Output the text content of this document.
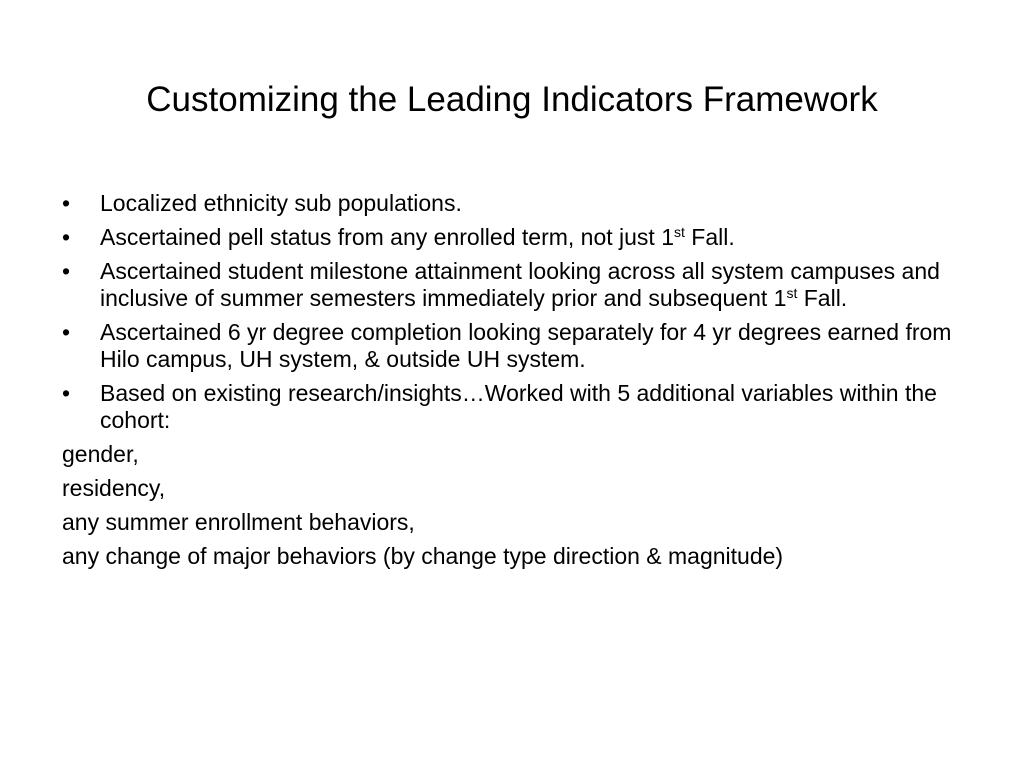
Customizing the Leading Indicators Framework
•	Localized ethnicity sub populations.
•	Ascertained pell status from any enrolled term, not just 1st Fall.
•	Ascertained student milestone attainment looking across all system campuses and inclusive of summer semesters immediately prior and subsequent 1st Fall.
•	Ascertained 6 yr degree completion looking separately for 4 yr degrees earned from Hilo campus, UH system, & outside UH system.
•	Based on existing research/insights…Worked with 5 additional variables within the cohort:
gender,
residency,
any summer enrollment behaviors,
any change of major behaviors (by change type direction & magnitude)
